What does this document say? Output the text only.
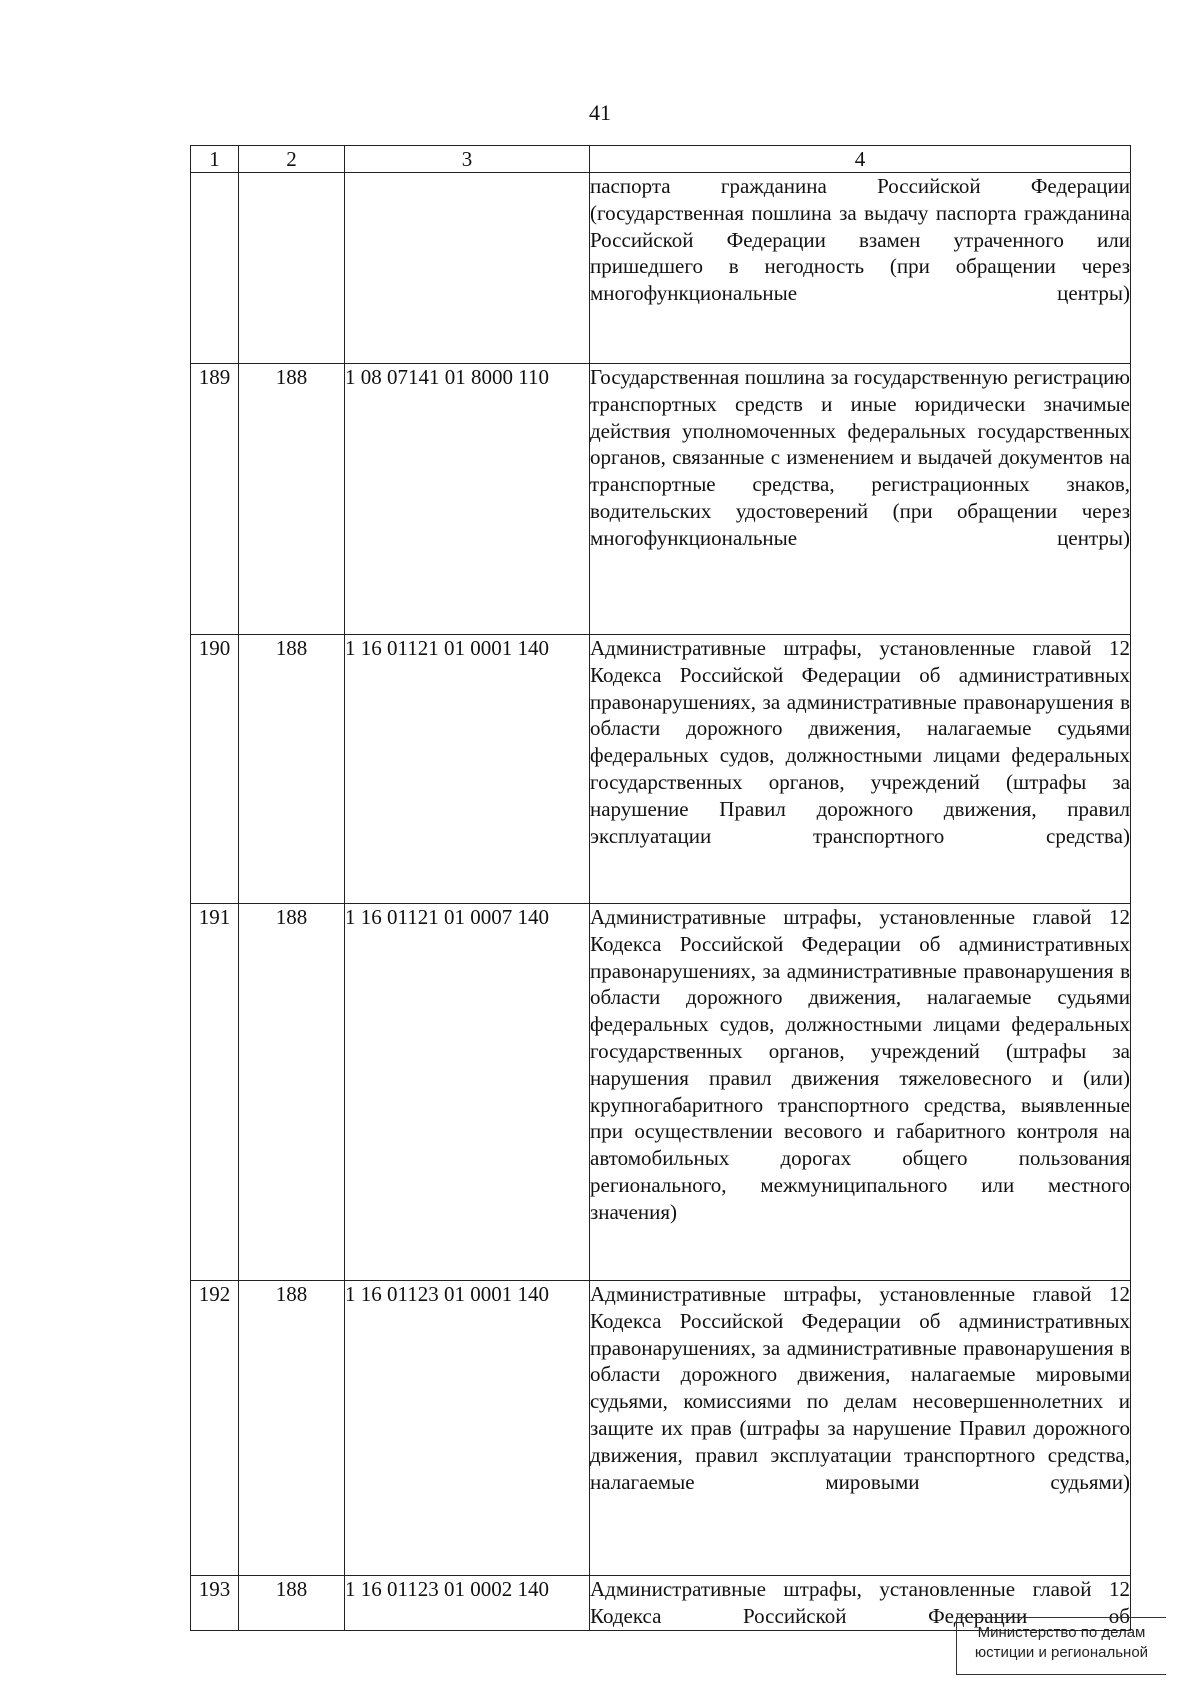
41
1	2	3	4
			паспорта гражданина Российской Федерации (государственная пошлина за выдачу паспорта гражданина Российской Федерации взамен утраченного или пришедшего в негодность (при обращении через многофункциональные центры)
189	188	1 08 07141 01 8000 110	Государственная пошлина за государственную регистрацию транспортных средств и иные юридически значимые действия уполномоченных федеральных государственных органов, связанные с изменением и выдачей документов на транспортные средства, регистрационных знаков, водительских удостоверений (при обращении через многофункциональные центры)
190	188	1 16 01121 01 0001 140	Административные штрафы, установленные главой 12 Кодекса Российской Федерации об административных правонарушениях, за административные правонарушения в области дорожного движения, налагаемые судьями федеральных судов, должностными лицами федеральных государственных органов, учреждений (штрафы за нарушение Правил дорожного движения, правил эксплуатации транспортного средства)
191	188	1 16 01121 01 0007 140	Административные штрафы, установленные главой 12 Кодекса Российской Федерации об административных правонарушениях, за административные правонарушения в области дорожного движения, налагаемые судьями федеральных судов, должностными лицами федеральных государственных органов, учреждений (штрафы за нарушения правил движения тяжеловесного и (или) крупногабаритного транспортного средства, выявленные при осуществлении весового и габаритного контроля на автомобильных дорогах общего пользования регионального, межмуниципального или местного значения)
192	188	1 16 01123 01 0001 140	Административные штрафы, установленные главой 12 Кодекса Российской Федерации об административных правонарушениях, за административные правонарушения в области дорожного движения, налагаемые мировыми судьями, комиссиями по делам несовершеннолетних и защите их прав (штрафы за нарушение Правил дорожного движения, правил эксплуатации транспортного средства, налагаемые мировыми судьями)
193	188	1 16 01123 01 0002 140	Административные штрафы, установленные главой 12 Кодекса Российской Федерации об
Министерство по делам
юстиции и региональной
